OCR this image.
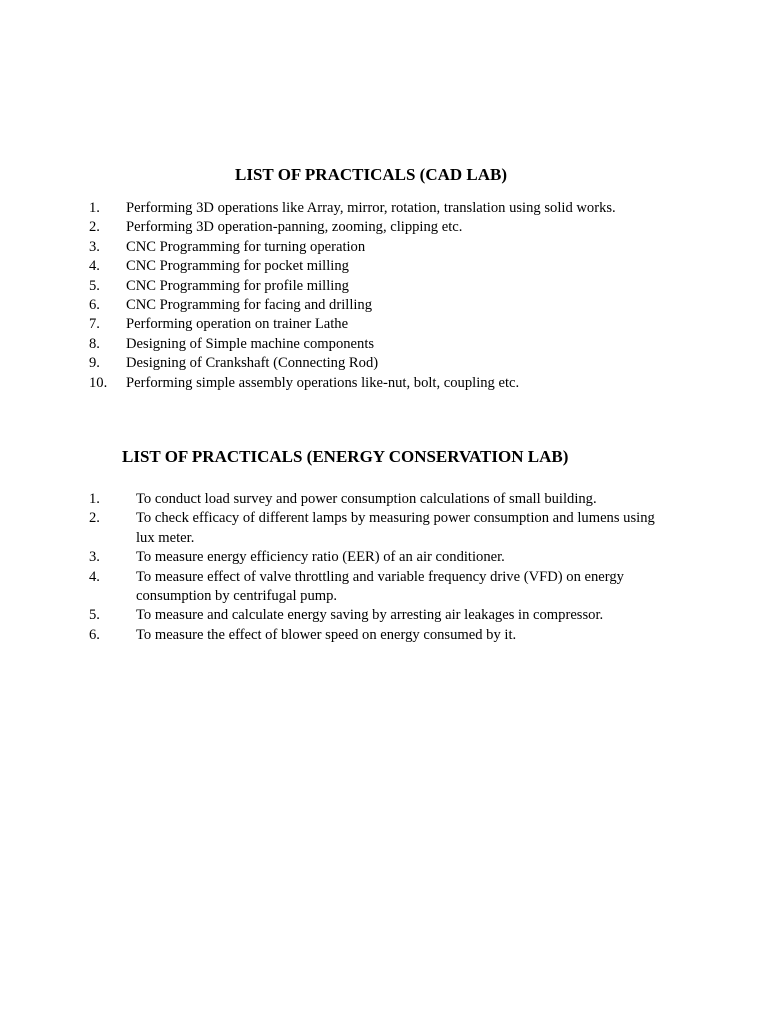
LIST OF PRACTICALS (CAD LAB)
1.	Performing 3D operations like Array, mirror, rotation, translation using solid works.
2.	Performing 3D operation-panning, zooming, clipping etc.
3.	CNC Programming for turning operation
4.	CNC Programming for pocket milling
5.	CNC Programming for profile milling
6.	CNC Programming for facing and drilling
7.	Performing operation on trainer Lathe
8.	Designing of Simple machine components
9.	Designing of Crankshaft (Connecting Rod)
10.	Performing simple assembly operations like-nut, bolt, coupling etc.
LIST OF PRACTICALS (ENERGY CONSERVATION LAB)
1.	To conduct load survey and power consumption calculations of small building.
2.	To check efficacy of different lamps by measuring power consumption and lumens using lux meter.
3.	To measure energy efficiency ratio (EER) of an air conditioner.
4.	To measure effect of valve throttling and variable frequency drive (VFD) on energy consumption by centrifugal pump.
5.	To measure and calculate energy saving by arresting air leakages in compressor.
6.	To measure the effect of blower speed on energy consumed by it.
